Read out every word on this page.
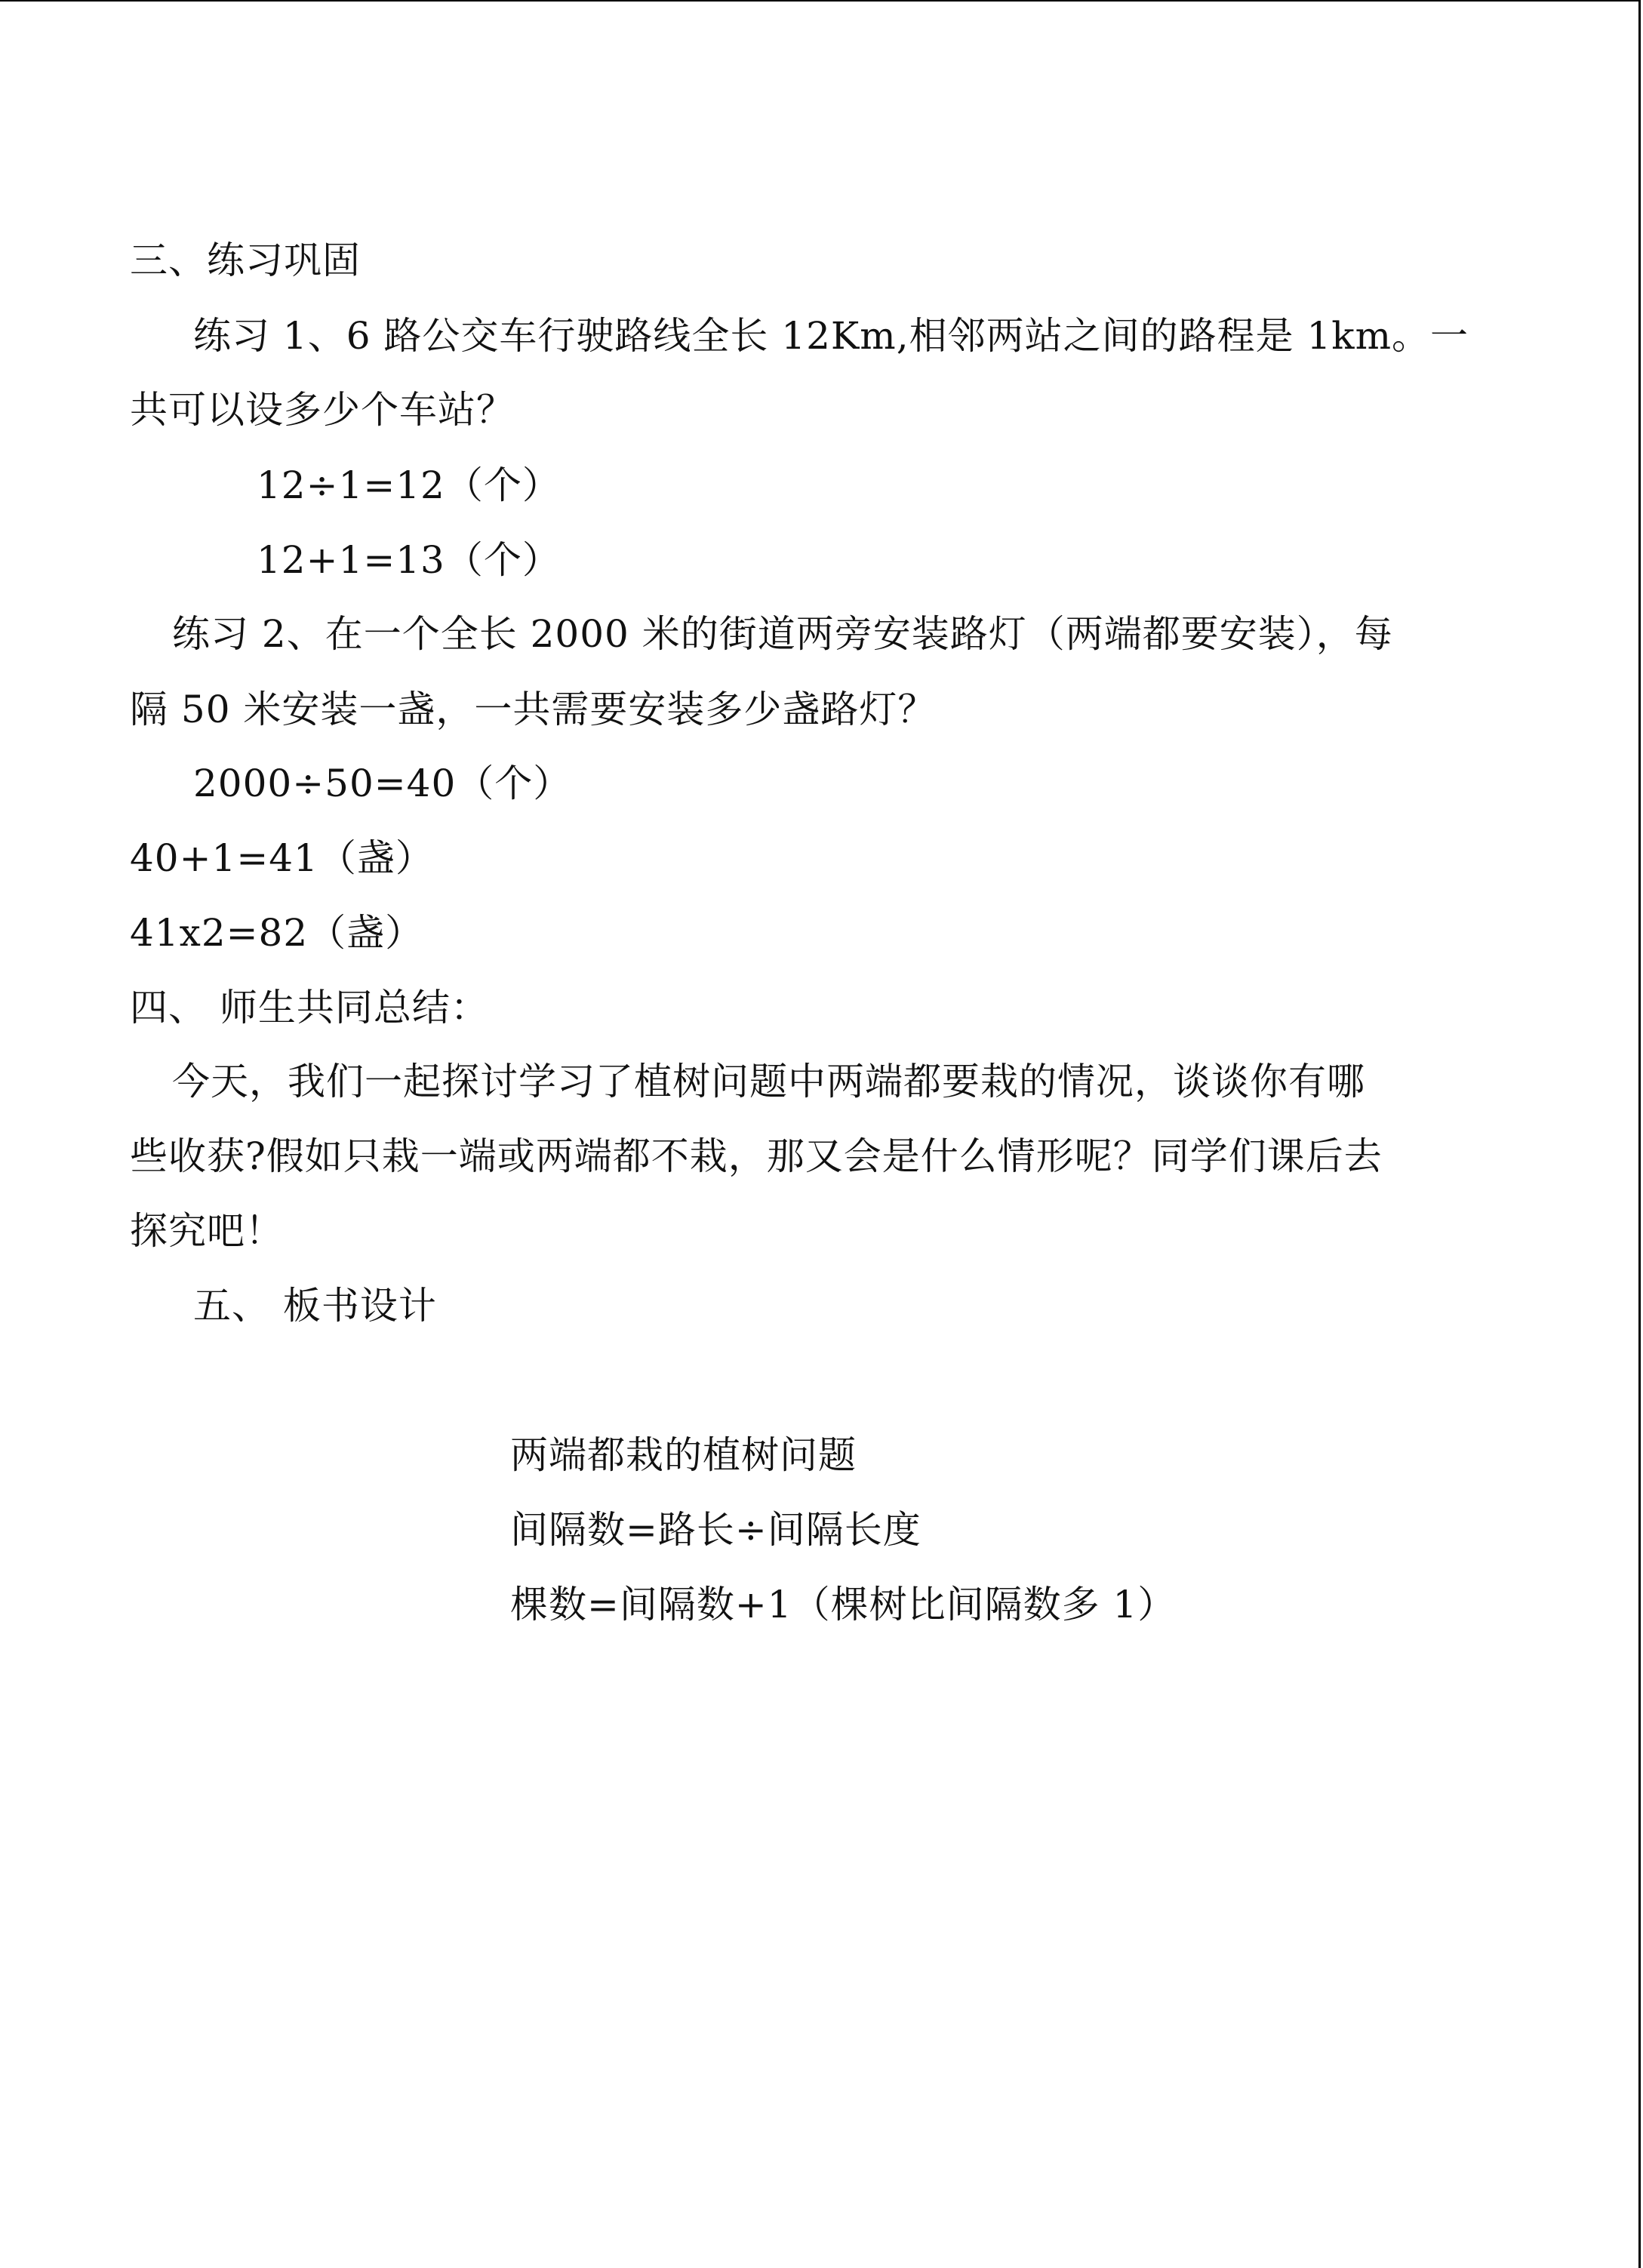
三、练习巩固
练习 1、6 路公交车行驶路线全长 12Km,相邻两站之间的路程是 1km。一
共可以设多少个车站？
12÷1=12（个）
12+1=13（个）
练习 2、在一个全长 2000 米的街道两旁安装路灯（两端都要安装），每
隔 50 米安装一盏，一共需要安装多少盏路灯？
2000÷50=40（个）
40+1=41（盏）
41x2=82（盏）
四、 师生共同总结：
今天，我们一起探讨学习了植树问题中两端都要栽的情况，谈谈你有哪
些收获?假如只栽一端或两端都不栽，那又会是什么情形呢？同学们课后去
探究吧！
五、 板书设计
两端都栽的植树问题
间隔数=路长÷间隔长度
棵数=间隔数+1（棵树比间隔数多 1）
